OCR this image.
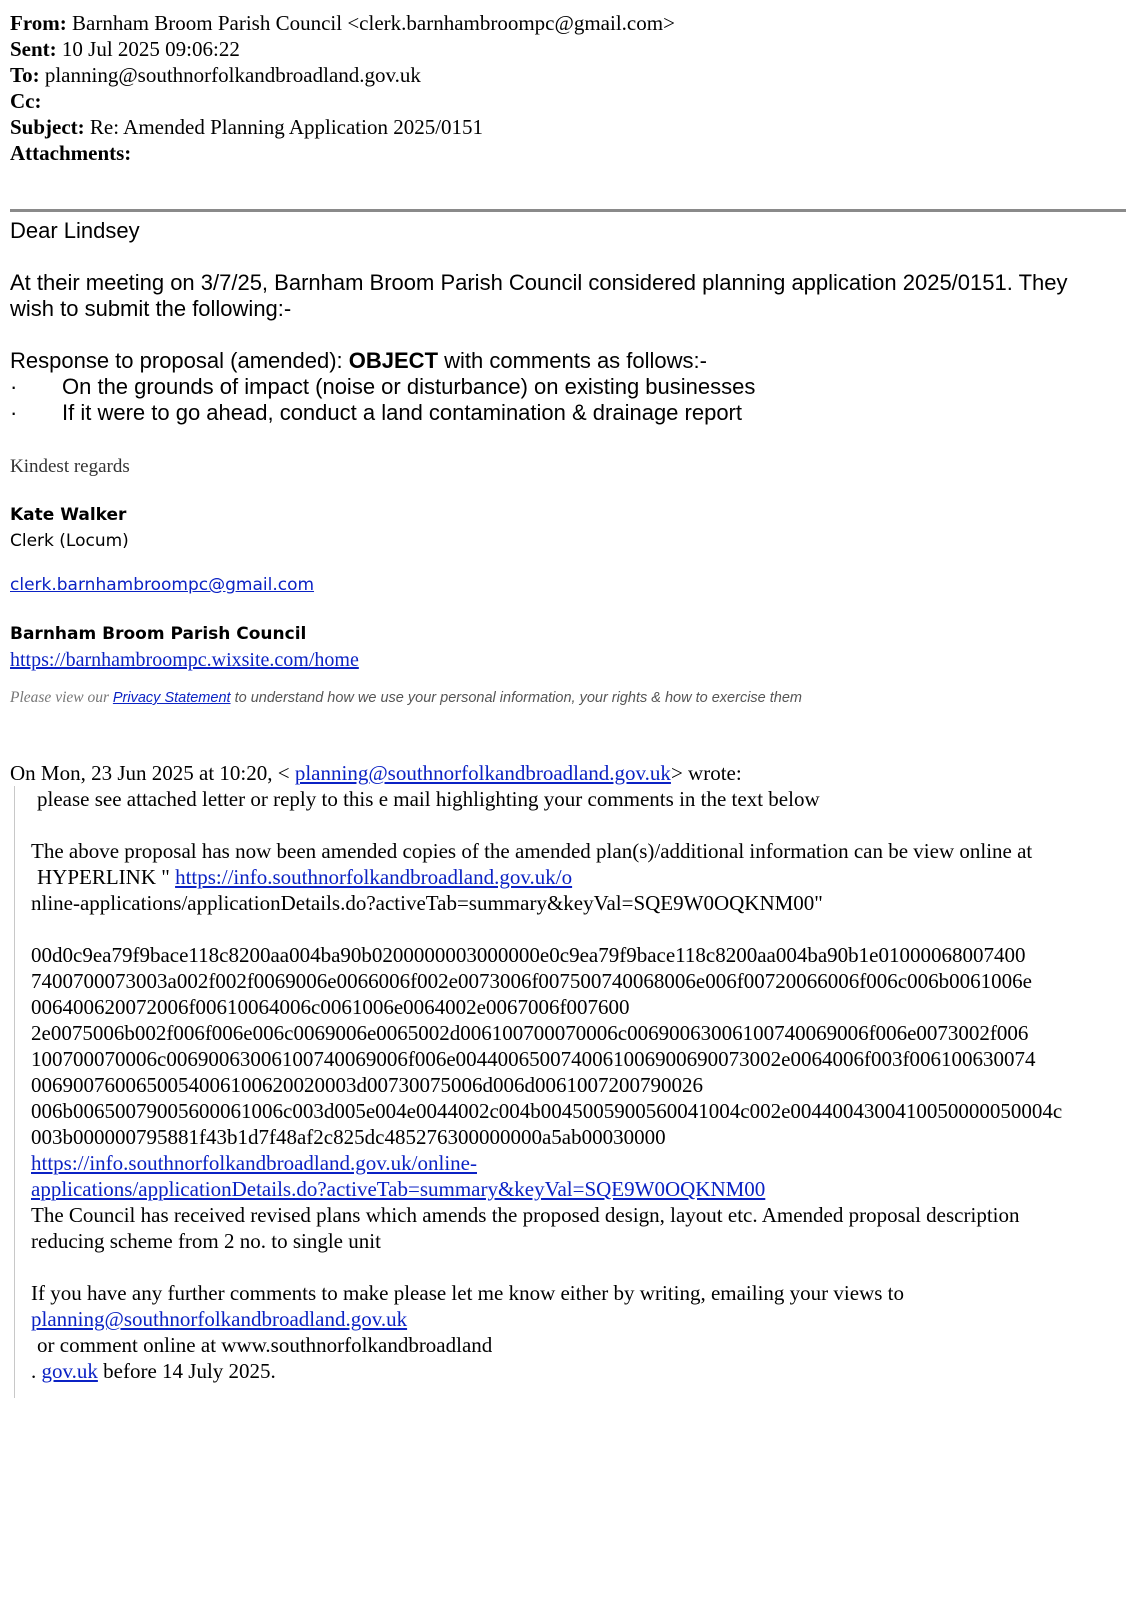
From: Barnham Broom Parish Council <clerk.barnhambroompc@gmail.com>
Sent: 10 Jul 2025 09:06:22
To: planning@southnorfolkandbroadland.gov.uk
Cc:
Subject: Re: Amended Planning Application 2025/0151
Attachments:
Dear Lindsey
At their meeting on 3/7/25, Barnham Broom Parish Council considered planning application 2025/0151. They
wish to submit the following:-
Response to proposal (amended): OBJECT with comments as follows:-
· On the grounds of impact (noise or disturbance) on existing businesses
· If it were to go ahead, conduct a land contamination & drainage report
Kindest regards
Kate Walker
Clerk (Locum)
clerk.barnhambroompc@gmail.com
Barnham Broom Parish Council
https://barnhambroompc.wixsite.com/home
Please view our Privacy Statement to understand how we use your personal information, your rights & how to exercise them
On Mon, 23 Jun 2025 at 10:20, < planning@southnorfolkandbroadland.gov.uk> wrote:
please see attached letter or reply to this e mail highlighting your comments in the text below
The above proposal has now been amended copies of the amended plan(s)/additional information can be view online at
HYPERLINK " https://info.southnorfolkandbroadland.gov.uk/o
nline-applications/applicationDetails.do?activeTab=summary&keyVal=SQE9W0OQKNM00"
00d0c9ea79f9bace118c8200aa004ba90b0200000003000000e0c9ea79f9bace118c8200aa004ba90b1e01000068007400
7400700073003a002f002f0069006e0066006f002e0073006f007500740068006e006f00720066006f006c006b0061006e
006400620072006f00610064006c0061006e0064002e0067006f007600
2e0075006b002f006f006e006c0069006e0065002d006100700070006c00690063006100740069006f006e0073002f006
100700070006c00690063006100740069006f006e0044006500740061006900690073002e0064006f003f006100630074
0069007600650054006100620020003d00730075006d006d0061007200790026
006b00650079005600061006c003d005e004e0044002c004b0045005900560041004c002e0044004300410050000050004c
003b000000795881f43b1d7f48af2c825dc485276300000000a5ab00030000
https://info.southnorfolkandbroadland.gov.uk/online-
applications/applicationDetails.do?activeTab=summary&keyVal=SQE9W0OQKNM00
The Council has received revised plans which amends the proposed design, layout etc. Amended proposal description
reducing scheme from 2 no. to single unit
If you have any further comments to make please let me know either by writing, emailing your views to
planning@southnorfolkandbroadland.gov.uk
or comment online at www.southnorfolkandbroadland
. gov.uk before 14 July 2025.
